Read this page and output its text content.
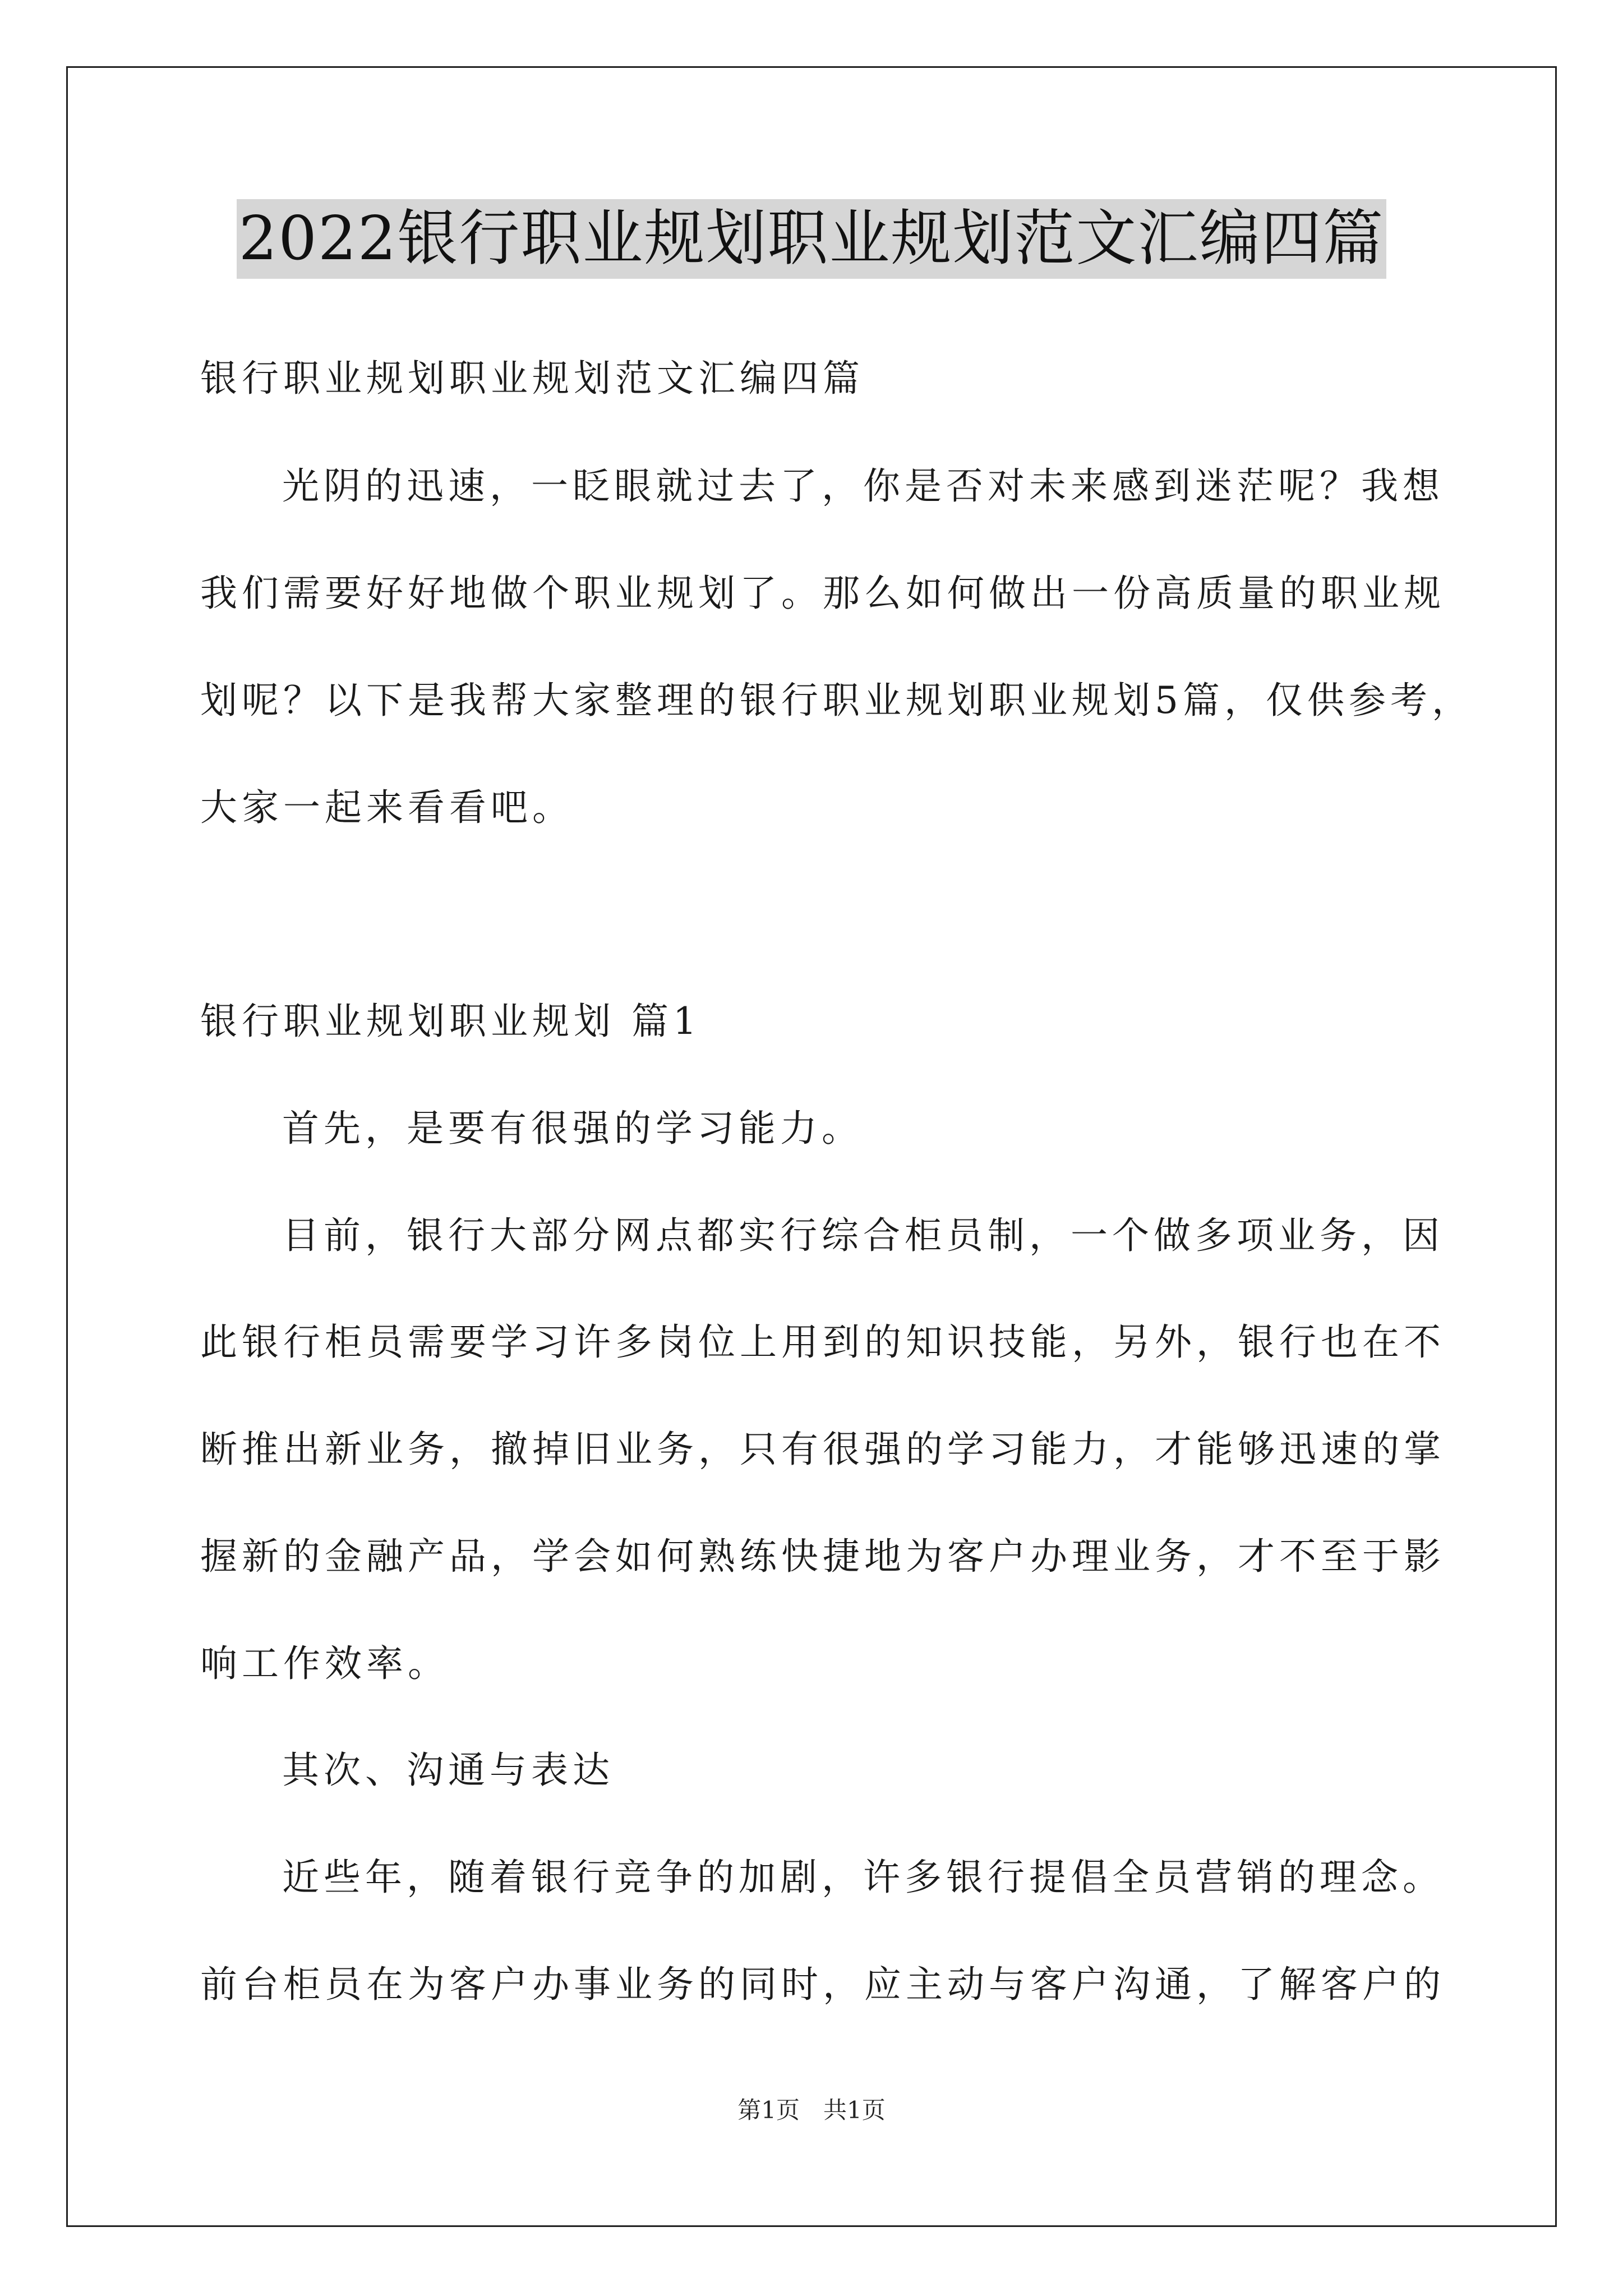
2022银行职业规划职业规划范文汇编四篇
银行职业规划职业规划范文汇编四篇
光阴的迅速，一眨眼就过去了，你是否对未来感到迷茫呢？我想
我们需要好好地做个职业规划了。那么如何做出一份高质量的职业规
划呢？以下是我帮大家整理的银行职业规划职业规划5篇，仅供参考，
大家一起来看看吧。
银行职业规划职业规划 篇1
首先，是要有很强的学习能力。
目前，银行大部分网点都实行综合柜员制，一个做多项业务，因
此银行柜员需要学习许多岗位上用到的知识技能，另外，银行也在不
断推出新业务，撤掉旧业务，只有很强的学习能力，才能够迅速的掌
握新的金融产品，学会如何熟练快捷地为客户办理业务，才不至于影
响工作效率。
其次、沟通与表达
近些年，随着银行竞争的加剧，许多银行提倡全员营销的理念。
前台柜员在为客户办事业务的同时，应主动与客户沟通，了解客户的
第1页　共1页
